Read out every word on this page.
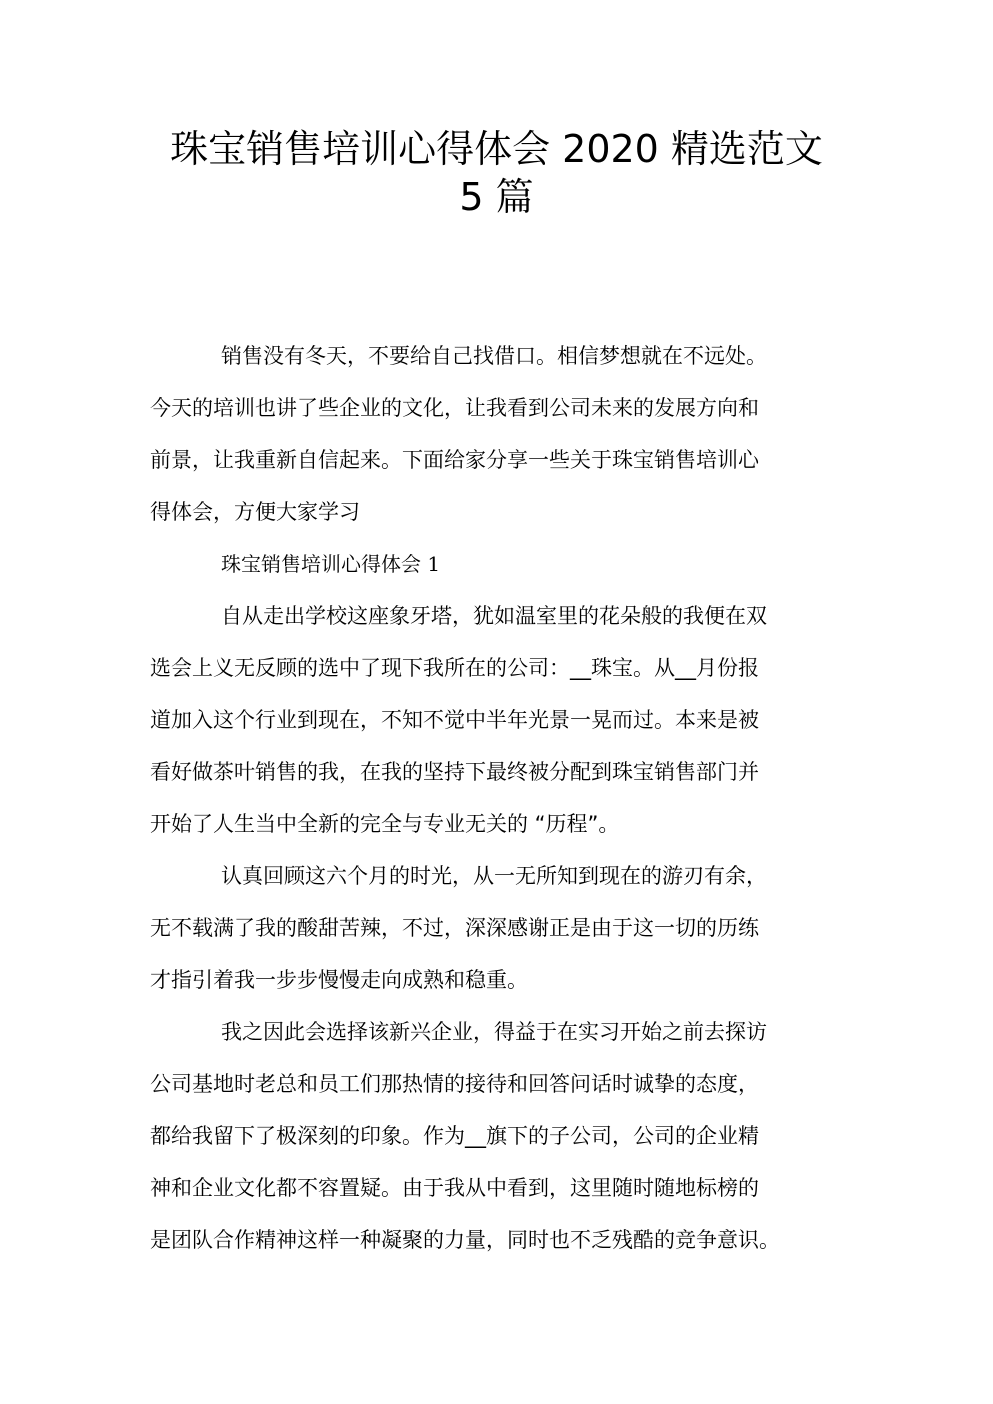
珠宝销售培训心得体会 2020 精选范文
5 篇
销售没有冬天，不要给自己找借口。相信梦想就在不远处。
今天的培训也讲了些企业的文化，让我看到公司未来的发展方向和
前景，让我重新自信起来。下面给家分享一些关于珠宝销售培训心
得体会，方便大家学习
珠宝销售培训心得体会 1
自从走出学校这座象牙塔，犹如温室里的花朵般的我便在双
选会上义无反顾的选中了现下我所在的公司：__珠宝。从__月份报
道加入这个行业到现在，不知不觉中半年光景一晃而过。本来是被
看好做茶叶销售的我，在我的坚持下最终被分配到珠宝销售部门并
开始了人生当中全新的完全与专业无关的 “历程”。
认真回顾这六个月的时光，从一无所知到现在的游刃有余，
无不载满了我的酸甜苦辣，不过，深深感谢正是由于这一切的历练
才指引着我一步步慢慢走向成熟和稳重。
我之因此会选择该新兴企业，得益于在实习开始之前去探访
公司基地时老总和员工们那热情的接待和回答问话时诚挚的态度，
都给我留下了极深刻的印象。作为__旗下的子公司，公司的企业精
神和企业文化都不容置疑。由于我从中看到，这里随时随地标榜的
是团队合作精神这样一种凝聚的力量，同时也不乏残酷的竞争意识。
